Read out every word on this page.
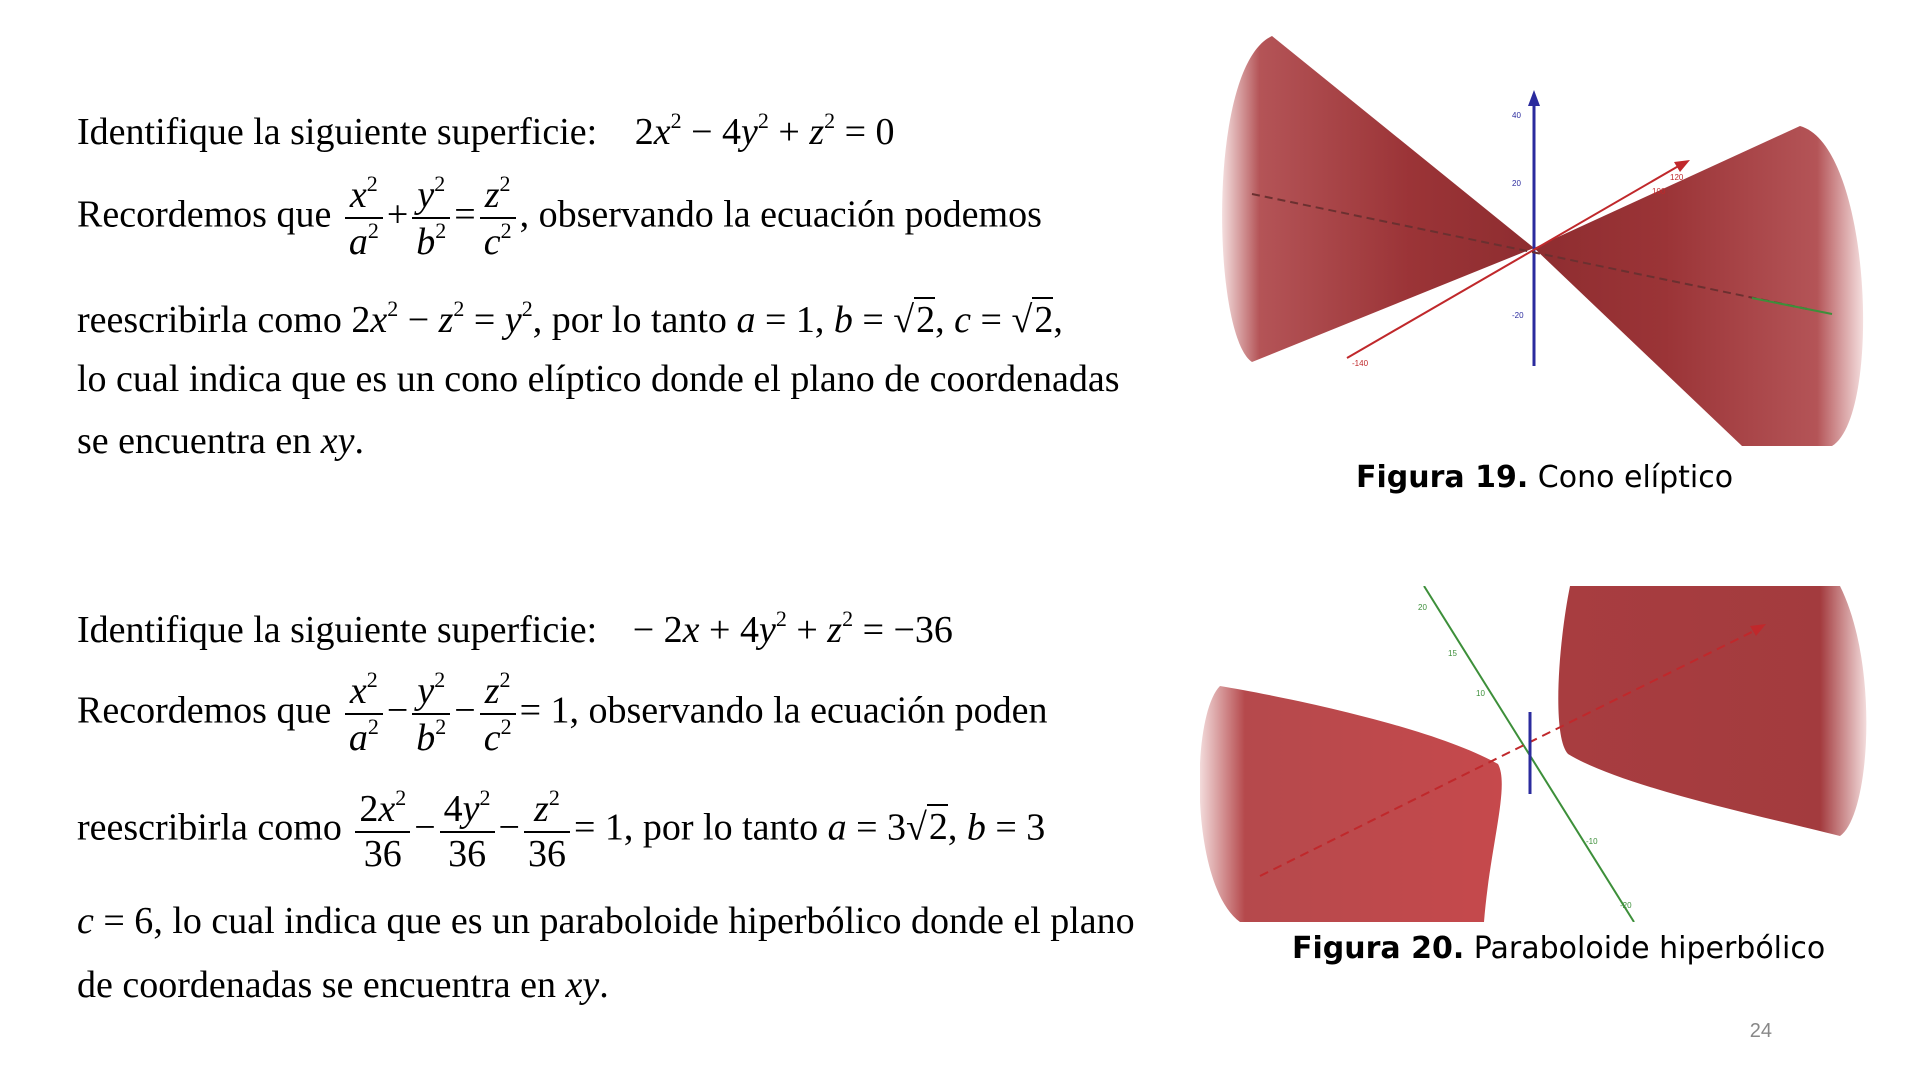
Identifique la siguiente superficie: $2x^2 - 4y^2 + z^2 = 0$
Recordemos que $\frac{x^2}{a^2} + \frac{y^2}{b^2} = \frac{z^2}{c^2}$ , observando la ecuación podemos
reescribirla como $2x^2 - z^2 = y^2$, por lo tanto a = 1, b = √2, c = √2,
lo cual indica que es un cono elíptico donde el plano de coordenadas
se encuentra en xy.
40
20
-20
-140
100
120
Figura 19. Cono elíptico
Identifique la siguiente superficie: − $2x + 4y^2 + z^2 = -36$
Recordemos que $\frac{x^2}{a^2} - \frac{y^2}{b^2} - \frac{z^2}{c^2} = 1$, observando la ecuación poden
reescribirla como $\frac{2x^2}{36} - \frac{4y^2}{36} - \frac{z^2}{36} = 1$, por lo tanto a = 3√2, b = 3
c = 6, lo cual indica que es un paraboloide hiperbólico donde el plano
de coordenadas se encuentra en xy.
20
15
10
-10
-20
Figura 20. Paraboloide hiperbólico
24
